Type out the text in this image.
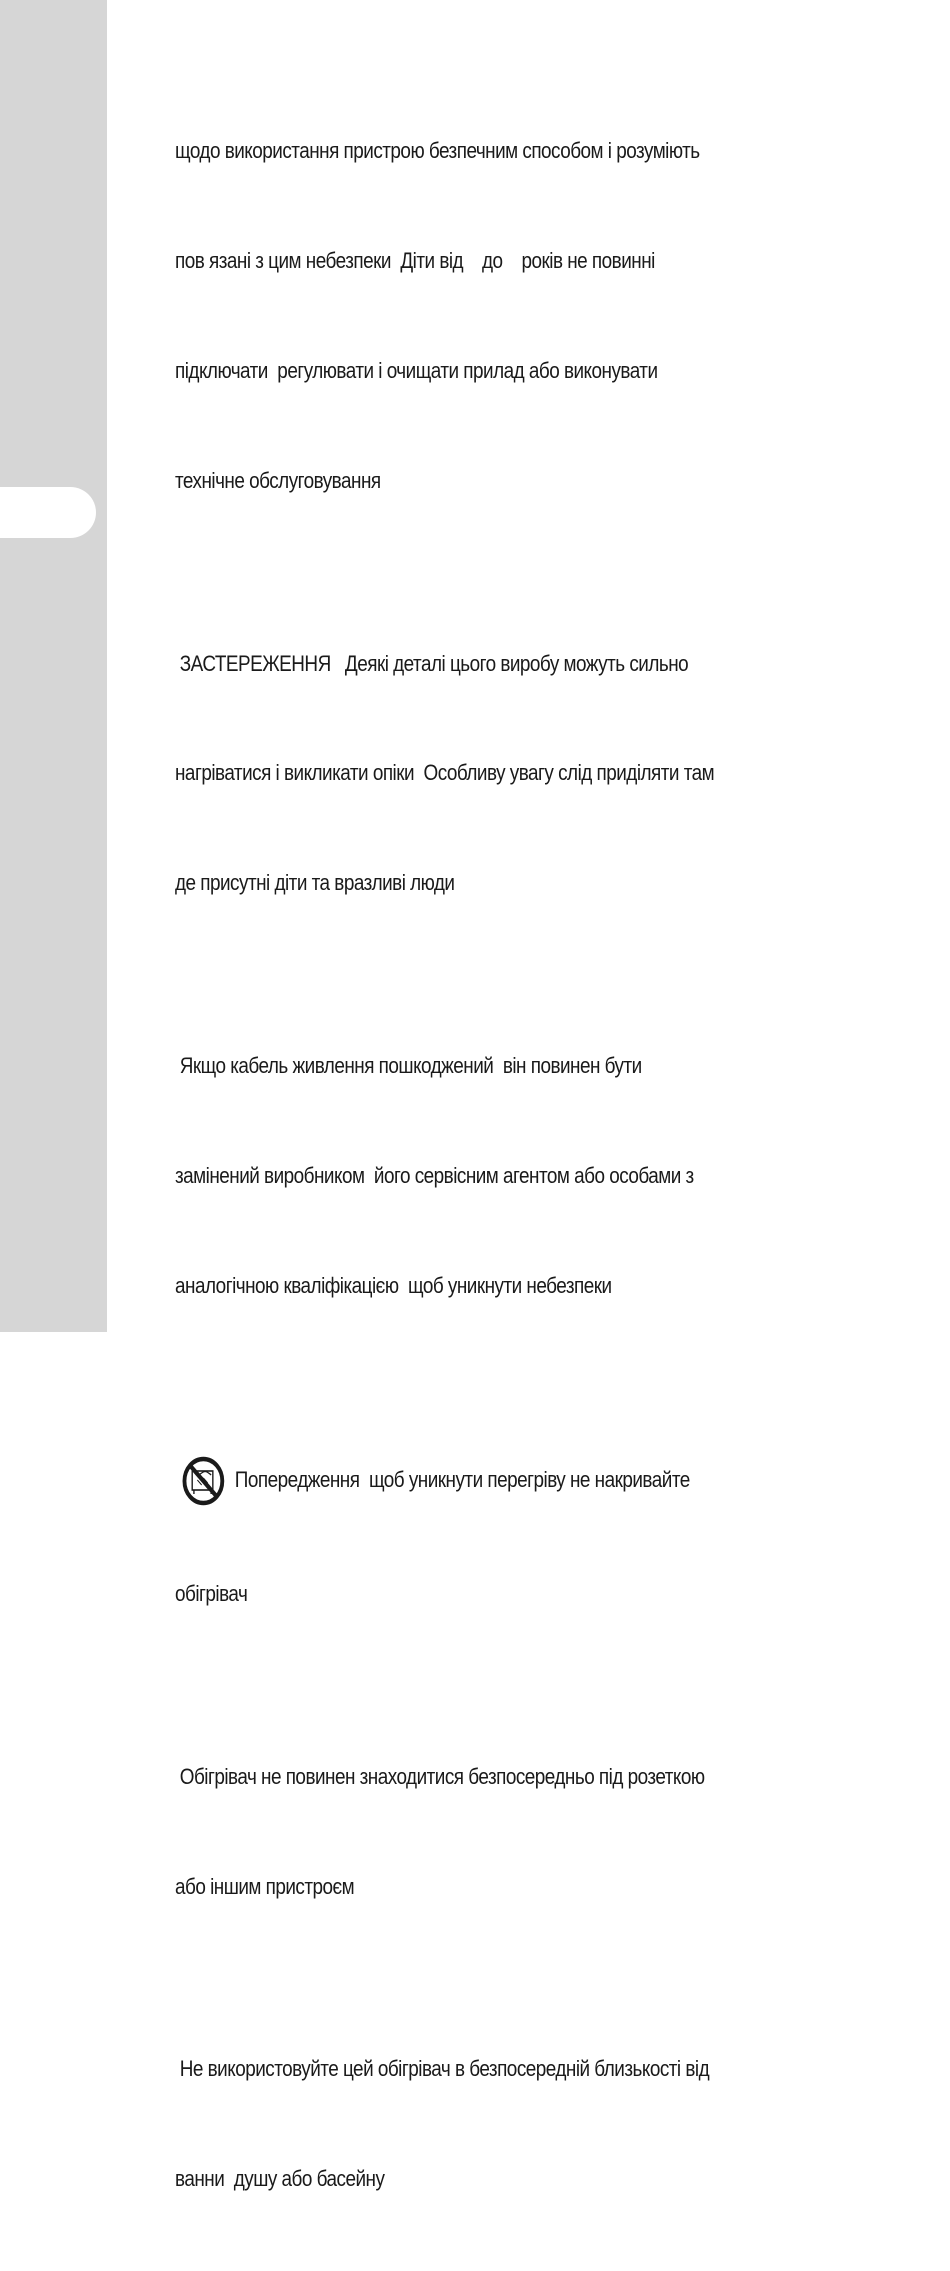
щодо використання пристрою безпечним способом і розуміють

пов язані з цим небезпеки  Діти від    до    років не повинні

підключати  регулювати і очищати прилад або виконувати

технічне обслуговування

ЗАСТЕРЕЖЕННЯ   Деякі деталі цього виробу можуть сильно

нагріватися і викликати опіки  Особливу увагу слід приділяти там

де присутні діти та вразливі люди

Якщо кабель живлення пошкоджений  він повинен бути

замінений виробником  його сервісним агентом або особами з

аналогічною кваліфікацією  щоб уникнути небезпеки

Попередження  щоб уникнути перегріву не накривайте

обігрівач

Обігрівач не повинен знаходитися безпосередньо під розеткою

або іншим пристроєм

Не використовуйте цей обігрівач в безпосередній близькості від

ванни  душу або басейну
